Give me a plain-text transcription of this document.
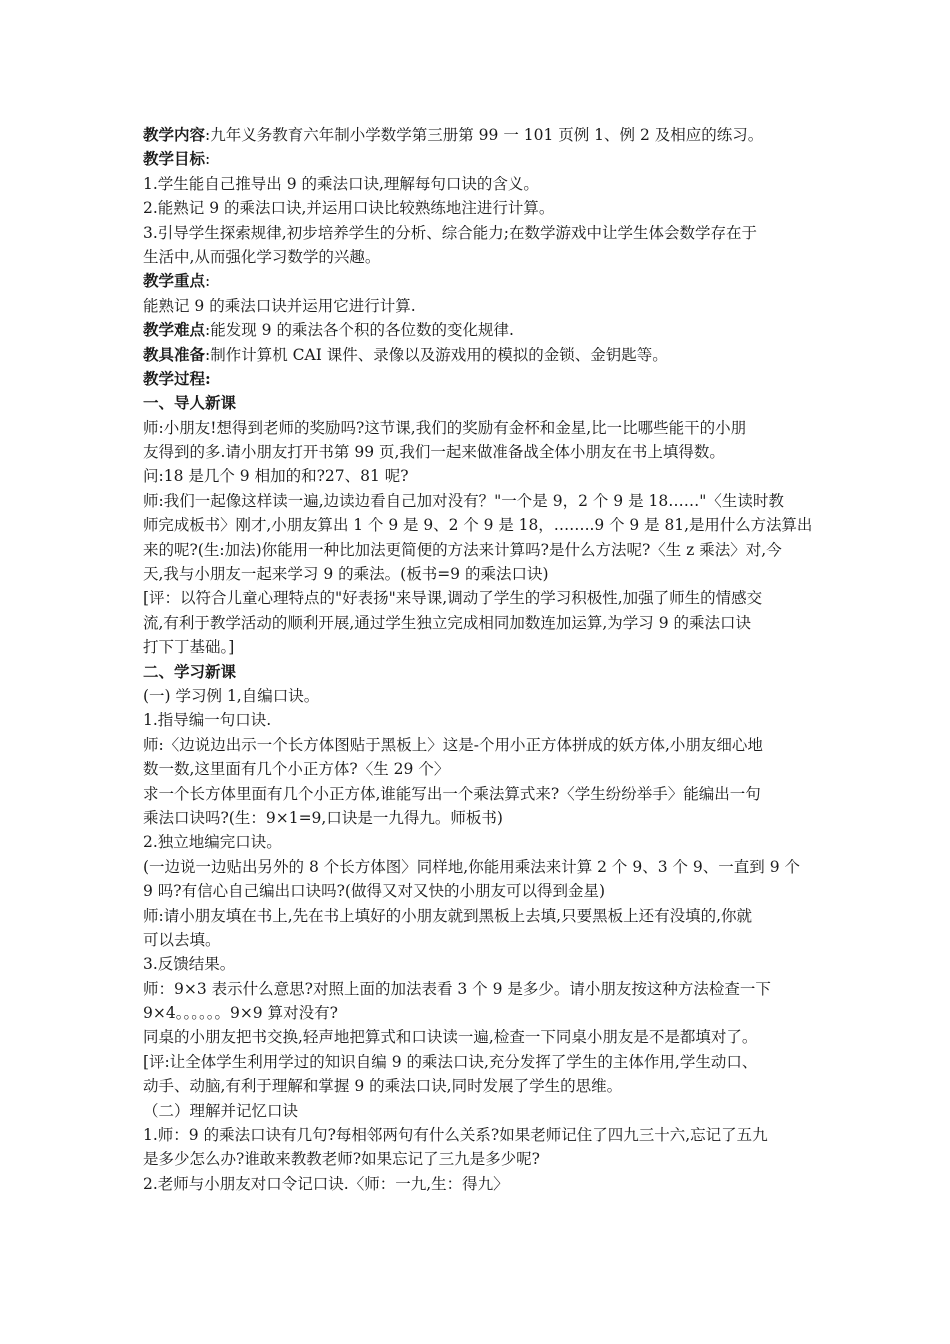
教学内容:九年义务教育六年制小学数学第三册第 99 一 101 页例 1、例 2 及相应的练习。
教学目标:
1.学生能自己推导出 9 的乘法口诀,理解每句口诀的含义。
2.能熟记 9 的乘法口诀,并运用口诀比较熟练地注进行计算。
3.引导学生探索规律,初步培养学生的分析、综合能力;在数学游戏中让学生体会数学存在于
生活中,从而强化学习数学的兴趣。
教学重点:
能熟记 9 的乘法口诀并运用它进行计算.
教学难点:能发现 9 的乘法各个积的各位数的变化规律.
教具准备:制作计算机 CAI 课件、录像以及游戏用的模拟的金锁、金钥匙等。
教学过程:
一、导人新课
师:小朋友!想得到老师的奖励吗?这节课,我们的奖励有金杯和金星,比一比哪些能干的小朋
友得到的多.请小朋友打开书第 99 页,我们一起来做准备战全体小朋友在书上填得数。
问:18 是几个 9 相加的和?27、81 呢?
师:我们一起像这样读一遍,边读边看自己加对没有？"一个是 9，2 个 9 是 18……"〈生读时教
师完成板书〉刚才,小朋友算出 1 个 9 是 9、2 个 9 是 18，……..9 个 9 是 81,是用什么方法算出
来的呢?(生:加法)你能用一种比加法更简便的方法来计算吗?是什么方法呢?〈生 z 乘法〉对,今
天,我与小朋友一起来学习 9 的乘法。(板书=9 的乘法口诀)
[评：以符合儿童心理特点的"好表扬"来导课,调动了学生的学习积极性,加强了师生的情感交
流,有利于教学活动的顺利开展,通过学生独立完成相同加数连加运算,为学习 9 的乘法口诀
打下丁基础。]
二、学习新课
(一) 学习例 1,自编口诀。
1.指导编一句口诀.
师:〈边说边出示一个长方体图贴于黑板上〉这是-个用小正方体拼成的妖方体,小朋友细心地
数一数,这里面有几个小正方体?〈生 29 个〉
求一个长方体里面有几个小正方体,谁能写出一个乘法算式来?〈学生纷纷举手〉能编出一句
乘法口诀吗?(生：9×1=9,口诀是一九得九。师板书)
2.独立地编完口诀。
(一边说一边贴出另外的 8 个长方体图〉同样地,你能用乘法来计算 2 个 9、3 个 9、一直到 9 个
9 吗?有信心自己编出口诀吗?(做得又对又快的小朋友可以得到金星)
师:请小朋友填在书上,先在书上填好的小朋友就到黑板上去填,只要黑板上还有没填的,你就
可以去填。
3.反馈结果。
师：9×3 表示什么意思?对照上面的加法表看 3 个 9 是多少。请小朋友按这种方法检查一下
9×4。。。。。。9×9 算对没有?
同桌的小朋友把书交换,轻声地把算式和口诀读一遍,检查一下同桌小朋友是不是都填对了。
[评:让全体学生利用学过的知识自编 9 的乘法口诀,充分发挥了学生的主体作用,学生动口、
动手、动脑,有利于理解和掌握 9 的乘法口诀,同时发展了学生的思维。
（二）理解并记忆口诀
1.师：9 的乘法口诀有几句?每相邻两句有什么关系?如果老师记住了四九三十六,忘记了五九
是多少怎么办?谁敢来教教老师?如果忘记了三九是多少呢?
2.老师与小朋友对口令记口诀.〈师：一九,生：得九〉
